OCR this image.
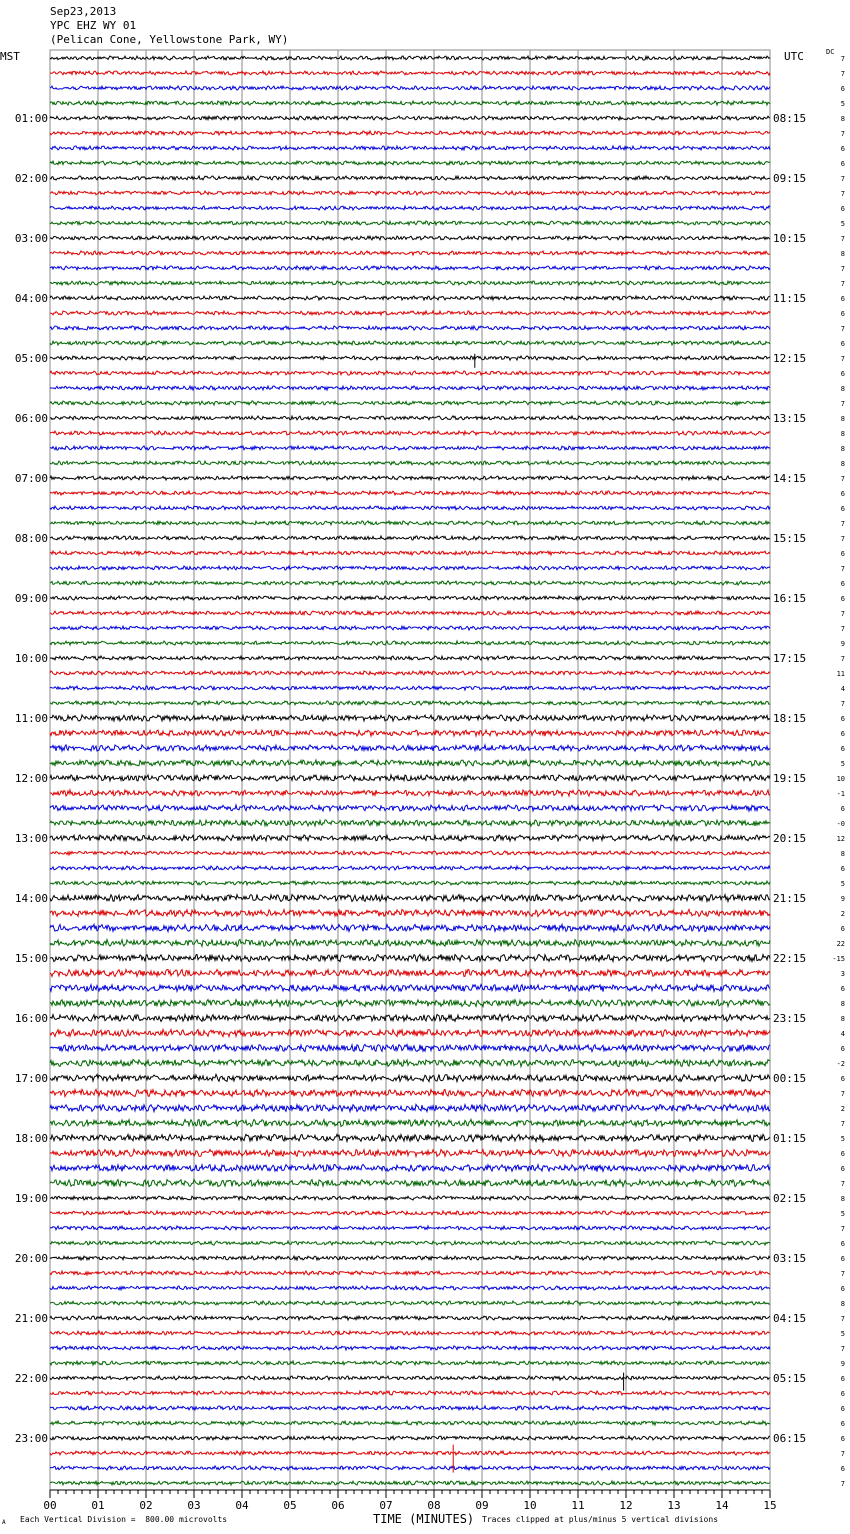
Sep23,2013
YPC EHZ WY 01
(Pelican Cone, Yellowstone Park, WY)
MST	UTC	DC
7
7
6
5
8
7
6
6
7
7
6
5
7
8
7
7
6
6
7
6
7
6
8
7
8
8
8
8
7
6
6
7
7
6
7
6
6
7
7
9
7
11
4
7
6
6
6
5
10
-1
6
-0
12
8
6
5
9
2
6
22
-15
3
6
8
8
4
6
-2
6
7
2
7
5
6
6
7
8
5
7
6
6
7
6
8
7
5
7
9
6
6
6
6
6
7
6
7
01:00	08:15
02:00	09:15
03:00	10:15
04:00	11:15
05:00	12:15
06:00	13:15
07:00	14:15
08:00	15:15
09:00	16:15
10:00	17:15
11:00	18:15
12:00	19:15
13:00	20:15
14:00	21:15
15:00	22:15
16:00	23:15
17:00	00:15
18:00	01:15
19:00	02:15
20:00	03:15
21:00	04:15
22:00	05:15
23:00	06:15
00	01	02	03	04	05	06	07	08	09	10	11	12	13	14	15
A Each Vertical Division =  800.00 microvolts	TIME (MINUTES) Traces clipped at plus/minus 5 vertical divisions
